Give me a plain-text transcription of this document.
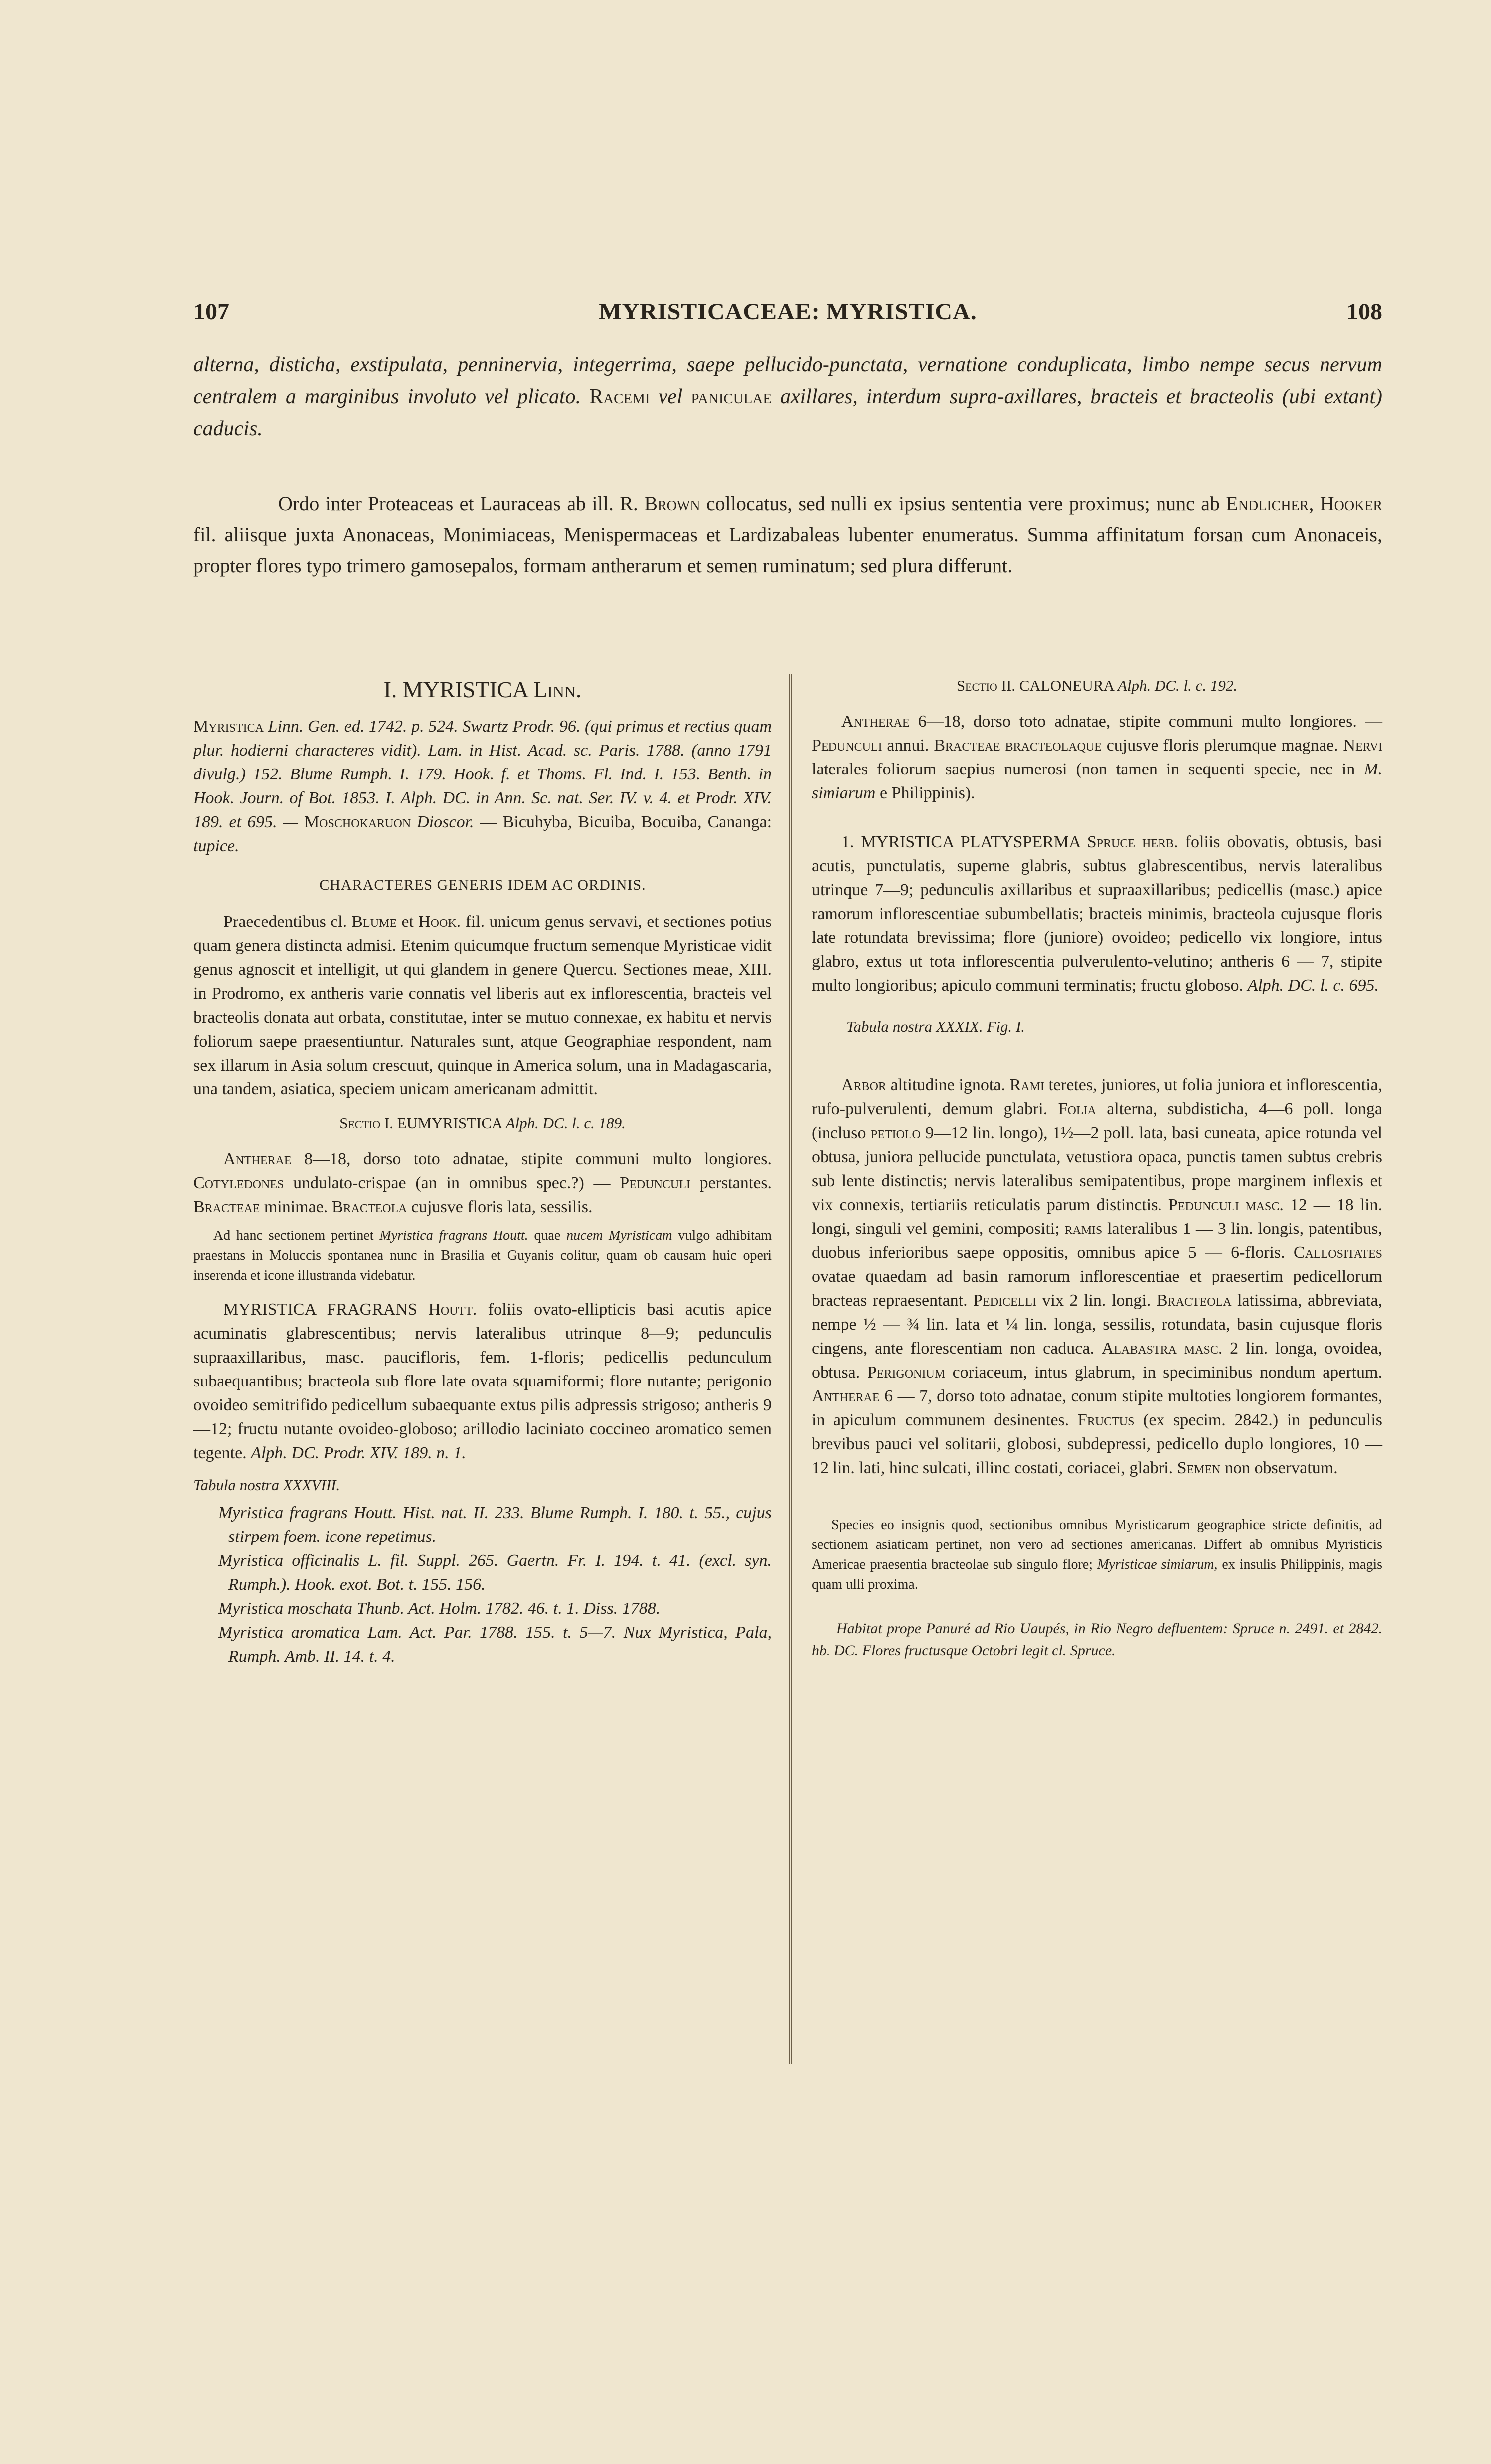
107	MYRISTICACEAE: MYRISTICA.	108
alterna, disticha, exstipulata, penninervia, integerrima, saepe pellucido-punctata, vernatione conduplicata, limbo nempe secus nervum centralem a marginibus involuto vel plicato. Racemi vel paniculae axillares, interdum supra-axillares, bracteis et bracteolis (ubi extant) caducis.
Ordo inter Proteaceas et Lauraceas ab ill. R. Brown collocatus, sed nulli ex ipsius sententia vere proximus; nunc ab Endlicher, Hooker fil. aliisque juxta Anonaceas, Monimiaceas, Menispermaceas et Lardizabaleas lubenter enumeratus. Summa affinitatum forsan cum Anonaceis, propter flores typo trimero gamosepalos, formam antherarum et semen ruminatum; sed plura differunt.
I. MYRISTICA Linn.

Myristica Linn. Gen. ed. 1742. p. 524. Swartz Prodr. 96. (qui primus et rectius quam plur. hodierni characteres vidit). Lam. in Hist. Acad. sc. Paris. 1788. (anno 1791 divulg.) 152. Blume Rumph. I. 179. Hook. f. et Thoms. Fl. Ind. I. 153. Benth. in Hook. Journ. of Bot. 1853. I. Alph. DC. in Ann. Sc. nat. Ser. IV. v. 4. et Prodr. XIV. 189. et 695. — Moschokaruon Dioscor. — Bicuhyba, Bicuiba, Bocuiba, Cananga: tupice.

CHARACTERES GENERIS IDEM AC ORDINIS.

Praecedentibus cl. Blume et Hook. fil. unicum genus servavi, et sectiones potius quam genera distincta admisi. Etenim quicumque fructum semenque Myristicae vidit genus agnoscit et intelligit, ut qui glandem in genere Quercu. Sectiones meae, XIII. in Prodromo, ex antheris varie connatis vel liberis aut ex inflorescentia, bracteis vel bracteolis donata aut orbata, constitutae, inter se mutuo connexae, ex habitu et nervis foliorum saepe praesentiuntur. Naturales sunt, atque Geographiae respondent, nam sex illarum in Asia solum crescuut, quinque in America solum, una in Madagascaria, una tandem, asiatica, speciem unicam americanam admittit.

Sectio I. EUMYRISTICA Alph. DC. l. c. 189.

Antherae 8—18, dorso toto adnatae, stipite communi multo longiores. Cotyledones undulato-crispae (an in omnibus spec.?) — Pedunculi perstantes. Bracteae minimae. Bracteola cujusve floris lata, sessilis.

Ad hanc sectionem pertinet Myristica fragrans Houtt. quae nucem Myristicam vulgo adhibitam praestans in Moluccis spontanea nunc in Brasilia et Guyanis colitur, quam ob causam huic operi inserenda et icone illustranda videbatur.

MYRISTICA FRAGRANS Houtt. foliis ovato-ellipticis basi acutis apice acuminatis glabrescentibus; nervis lateralibus utrinque 8—9; pedunculis supraaxillaribus, masc. paucifloris, fem. 1-floris; pedicellis pedunculum subaequantibus; bracteola sub flore late ovata squamiformi; flore nutante; perigonio ovoideo semitrifido pedicellum subaequante extus pilis adpressis strigoso; antheris 9—12; fructu nutante ovoideo-globoso; arillodio laciniato coccineo aromatico semen tegente. Alph. DC. Prodr. XIV. 189. n. 1.

Tabula nostra XXXVIII.

Myristica fragrans Houtt. Hist. nat. II. 233. Blume Rumph. I. 180. t. 55., cujus stirpem foem. icone repetimus.

Myristica officinalis L. fil. Suppl. 265. Gaertn. Fr. I. 194. t. 41. (excl. syn. Rumph.). Hook. exot. Bot. t. 155. 156.

Myristica moschata Thunb. Act. Holm. 1782. 46. t. 1. Diss. 1788.

Myristica aromatica Lam. Act. Par. 1788. 155. t. 5—7. Nux Myristica, Pala, Rumph. Amb. II. 14. t. 4.

Sectio II. CALONEURA Alph. DC. l. c. 192.

Antherae 6—18, dorso toto adnatae, stipite communi multo longiores. — Pedunculi annui. Bracteae bracteolaque cujusve floris plerumque magnae. Nervi laterales foliorum saepius numerosi (non tamen in sequenti specie, nec in M. simiarum e Philippinis).

1. MYRISTICA PLATYSPERMA Spruce herb. foliis obovatis, obtusis, basi acutis, punctulatis, superne glabris, subtus glabrescentibus, nervis lateralibus utrinque 7—9; pedunculis axillaribus et supraaxillaribus; pedicellis (masc.) apice ramorum inflorescentiae subumbellatis; bracteis minimis, bracteola cujusque floris late rotundata brevissima; flore (juniore) ovoideo; pedicello vix longiore, intus glabro, extus ut tota inflorescentia pulverulento-velutino; antheris 6 — 7, stipite multo longioribus; apiculo communi terminatis; fructu globoso. Alph. DC. l. c. 695.

Tabula nostra XXXIX. Fig. I.

Arbor altitudine ignota. Rami teretes, juniores, ut folia juniora et inflorescentia, rufo-pulverulenti, demum glabri. Folia alterna, subdisticha, 4—6 poll. longa (incluso petiolo 9—12 lin. longo), 1½—2 poll. lata, basi cuneata, apice rotunda vel obtusa, juniora pellucide punctulata, vetustiora opaca, punctis tamen subtus crebris sub lente distinctis; nervis lateralibus semipatentibus, prope marginem inflexis et vix connexis, tertiariis reticulatis parum distinctis. Pedunculi masc. 12 — 18 lin. longi, singuli vel gemini, compositi; ramis lateralibus 1 — 3 lin. longis, patentibus, duobus inferioribus saepe oppositis, omnibus apice 5 — 6-floris. Callositates ovatae quaedam ad basin ramorum inflorescentiae et praesertim pedicellorum bracteas repraesentant. Pedicelli vix 2 lin. longi. Bracteola latissima, abbreviata, nempe ½ — ¾ lin. lata et ¼ lin. longa, sessilis, rotundata, basin cujusque floris cingens, ante florescentiam non caduca. Alabastra masc. 2 lin. longa, ovoidea, obtusa. Perigonium coriaceum, intus glabrum, in speciminibus nondum apertum. Antherae 6 — 7, dorso toto adnatae, conum stipite multoties longiorem formantes, in apiculum communem desinentes. Fructus (ex specim. 2842.) in pedunculis brevibus pauci vel solitarii, globosi, subdepressi, pedicello duplo longiores, 10 — 12 lin. lati, hinc sulcati, illinc costati, coriacei, glabri. Semen non observatum.

Species eo insignis quod, sectionibus omnibus Myristicarum geographice stricte definitis, ad sectionem asiaticam pertinet, non vero ad sectiones americanas. Differt ab omnibus Myristicis Americae praesentia bracteolae sub singulo flore; Myristicae simiarum, ex insulis Philippinis, magis quam ulli proxima.

Habitat prope Panuré ad Rio Uaupés, in Rio Negro defluentem: Spruce n. 2491. et 2842. hb. DC. Flores fructusque Octobri legit cl. Spruce.
